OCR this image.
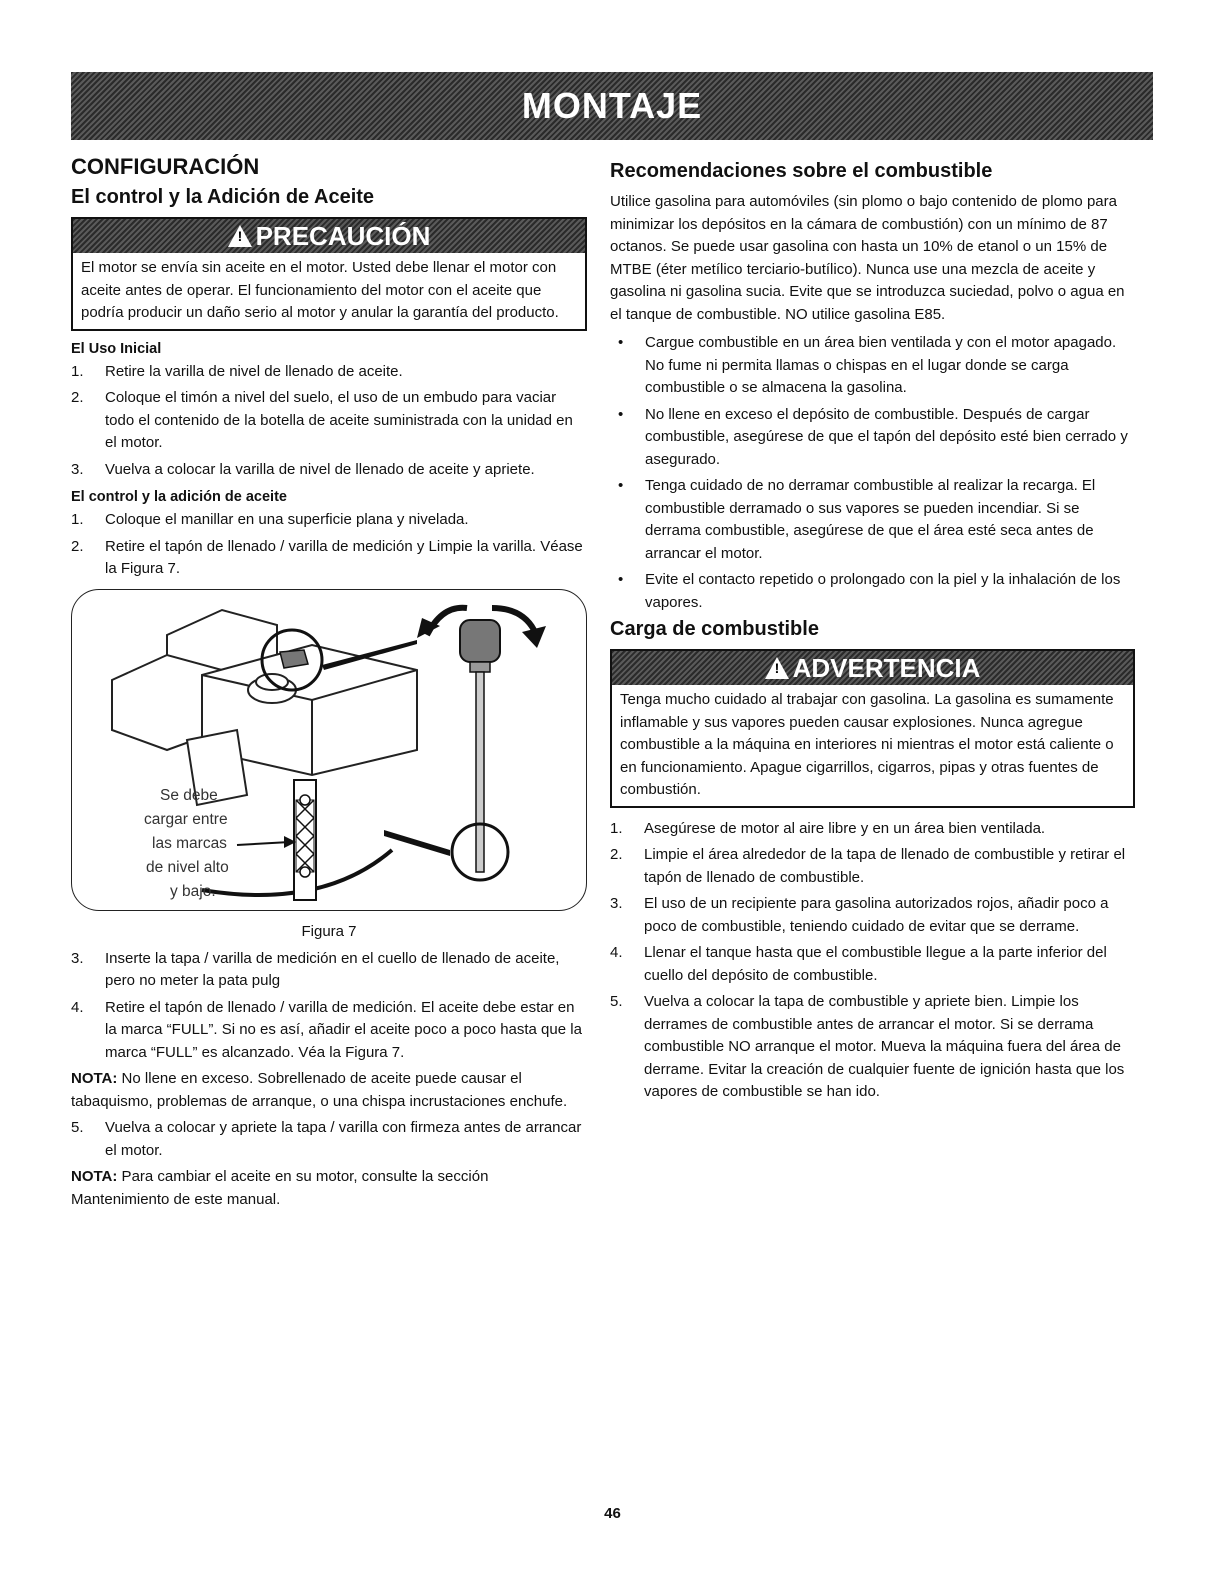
MONTAJE
CONFIGURACIÓN
El control y la Adición de Aceite
! PRECAUCIÓN
El motor se envía sin aceite en el motor. Usted debe llenar el motor con aceite antes de operar. El funcionamiento del motor con el aceite que podría producir un daño serio al motor y anular la garantía del producto.
El Uso Inicial
1. Retire la varilla de nivel de llenado de aceite.
2. Coloque el timón a nivel del suelo, el uso de un embudo para vaciar todo el contenido de la botella de aceite suministrada con la unidad en el motor.
3. Vuelva a colocar la varilla de nivel de llenado de aceite y apriete.
El control y la adición de aceite
1. Coloque el manillar en una superficie plana y nivelada.
2. Retire el tapón de llenado / varilla de medición y Limpie la varilla. Véase la Figura 7.
Se debe
cargar entre
las marcas
de nivel alto
y bajo.
Figura 7
3. Inserte la tapa / varilla de medición en el cuello de llenado de aceite, pero no meter la pata pulg
4. Retire el tapón de llenado / varilla de medición. El aceite debe estar en la marca “FULL”. Si no es así, añadir el aceite poco a poco hasta que la marca “FULL” es alcanzado. Véa la Figura 7.

NOTA: No llene en exceso. Sobrellenado de aceite puede causar el tabaquismo, problemas de arranque, o una chispa incrustaciones enchufe.

5. Vuelva a colocar y apriete la tapa / varilla con firmeza antes de arrancar el motor.

NOTA: Para cambiar el aceite en su motor, consulte la sección Mantenimiento de este manual.

Recomendaciones sobre el combustible

Utilice gasolina para automóviles (sin plomo o bajo contenido de plomo para minimizar los depósitos en la cámara de combustión) con un mínimo de 87 octanos. Se puede usar gasolina con hasta un 10% de etanol o un 15% de MTBE (éter metílico terciario-butílico). Nunca use una mezcla de aceite y gasolina ni gasolina sucia. Evite que se introduzca suciedad, polvo o agua en el tanque de combustible. NO utilice gasolina E85.

• Cargue combustible en un área bien ventilada y con el motor apagado. No fume ni permita llamas o chispas en el lugar donde se carga combustible o se almacena la gasolina.
• No llene en exceso el depósito de combustible. Después de cargar combustible, asegúrese de que el tapón del depósito esté bien cerrado y asegurado.
• Tenga cuidado de no derramar combustible al realizar la recarga. El combustible derramado o sus vapores se pueden incendiar. Si se derrama combustible, asegúrese de que el área esté seca antes de arrancar el motor.
• Evite el contacto repetido o prolongado con la piel y la inhalación de los vapores.
Carga de combustible
! ADVERTENCIA
Tenga mucho cuidado al trabajar con gasolina. La gasolina es sumamente inflamable y sus vapores pueden causar explosiones. Nunca agregue combustible a la máquina en interiores ni mientras el motor está caliente o en funcionamiento. Apague cigarrillos, cigarros, pipas y otras fuentes de combustión.
1. Asegúrese de motor al aire libre y en un área bien ventilada.
2. Limpie el área alrededor de la tapa de llenado de combustible y retirar el tapón de llenado de combustible.
3. El uso de un recipiente para gasolina autorizados rojos, añadir poco a poco de combustible, teniendo cuidado de evitar que se derrame.
4. Llenar el tanque hasta que el combustible llegue a la parte inferior del cuello del depósito de combustible.
5. Vuelva a colocar la tapa de combustible y apriete bien. Limpie los derrames de combustible antes de arrancar el motor. Si se derrama combustible NO arranque el motor. Mueva la máquina fuera del área de derrame. Evitar la creación de cualquier fuente de ignición hasta que los vapores de combustible se han ido.
46
